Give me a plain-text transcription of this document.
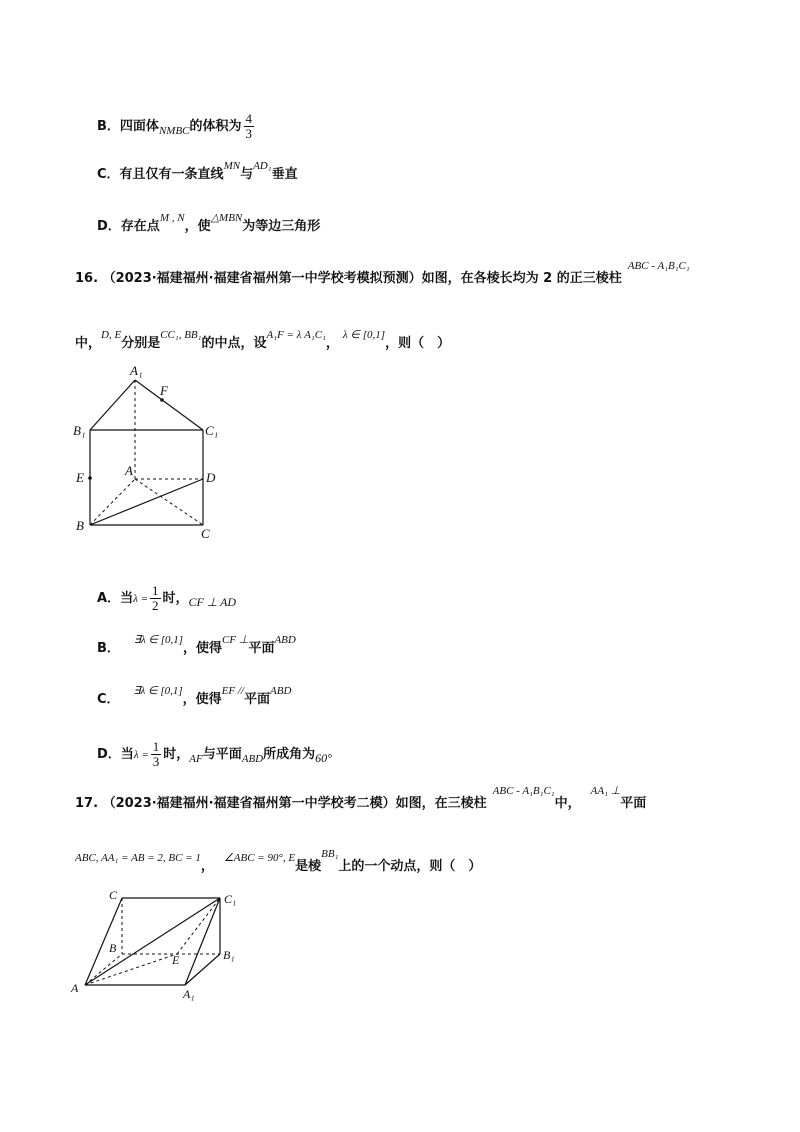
B．四面体$_{NMBC}$的体积为 $\frac{4}{3}$
C．有且仅有一条直线$^{MN}$与$^{AD_1}$垂直
D．存在点$^{M , N}$，使$^{\triangle MBN}$为等边三角形
16. （2023·福建福州·福建省福州第一中学校考模拟预测）如图，在各棱长均为 2 的正三棱柱$^{ABC - A_1B_1C_1}$
中，$^{D, E}$分别是$^{CC_1, BB_1}$的中点，设$^{A_1F = \lambda A_1C_1}$，$^{\lambda \in [0,1]}$，则（　）
A₁
F
B₁	C₁
E	A	D
B
C
A．当$\lambda = \frac{1}{2}$ 时，CF ⊥ AD
B．$^{\exists\lambda \in [0,1]}$，使得$^{CF \perp}$平面$^{ABD}$
C．$^{\exists\lambda \in [0,1]}$，使得$^{EF //}$平面$^{ABD}$
D．当$\lambda = \frac{1}{3}$ 时，$_{AF}$与平面$_{ABD}$所成角为60°
17. （2023·福建福州·福建省福州第一中学校考二模）如图，在三棱柱$^{ABC - A_1B_1C_1}$中，$^{AA_1 \perp}$平面
$^{ABC, AA_1 = AB = 2, BC = 1}$，$^{\angle ABC = 90^\circ, E}$是棱$^{BB_1}$上的一个动点，则（　）
C	C₁
B
E	B₁
A	A₁
